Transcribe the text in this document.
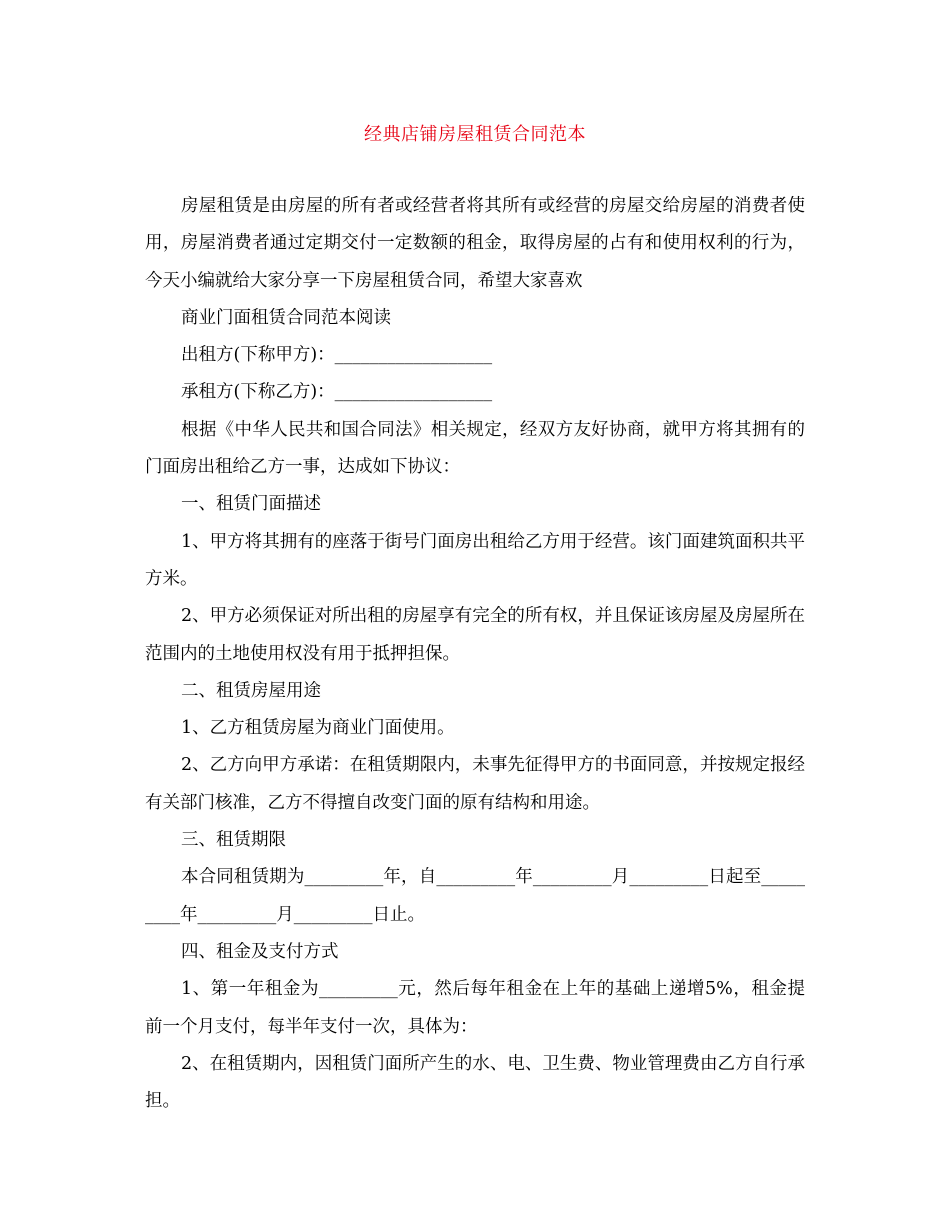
经典店铺房屋租赁合同范本

房屋租赁是由房屋的所有者或经营者将其所有或经营的房屋交给房屋的消费者使用，房屋消费者通过定期交付一定数额的租金，取得房屋的占有和使用权利的行为，今天小编就给大家分享一下房屋租赁合同，希望大家喜欢

商业门面租赁合同范本阅读

出租方(下称甲方)：__________________

承租方(下称乙方)：__________________

根据《中华人民共和国合同法》相关规定，经双方友好协商，就甲方将其拥有的门面房出租给乙方一事，达成如下协议：

一、租赁门面描述

1、甲方将其拥有的座落于街号门面房出租给乙方用于经营。该门面建筑面积共平方米。

2、甲方必须保证对所出租的房屋享有完全的所有权，并且保证该房屋及房屋所在范围内的土地使用权没有用于抵押担保。

二、租赁房屋用途

1、乙方租赁房屋为商业门面使用。

2、乙方向甲方承诺：在租赁期限内，未事先征得甲方的书面同意，并按规定报经有关部门核准，乙方不得擅自改变门面的原有结构和用途。

三、租赁期限

本合同租赁期为_________年，自_________年_________月_________日起至_________年_________月_________日止。

四、租金及支付方式

1、第一年租金为_________元，然后每年租金在上年的基础上递增5%，租金提前一个月支付，每半年支付一次，具体为：

2、在租赁期内，因租赁门面所产生的水、电、卫生费、物业管理费由乙方自行承担。
